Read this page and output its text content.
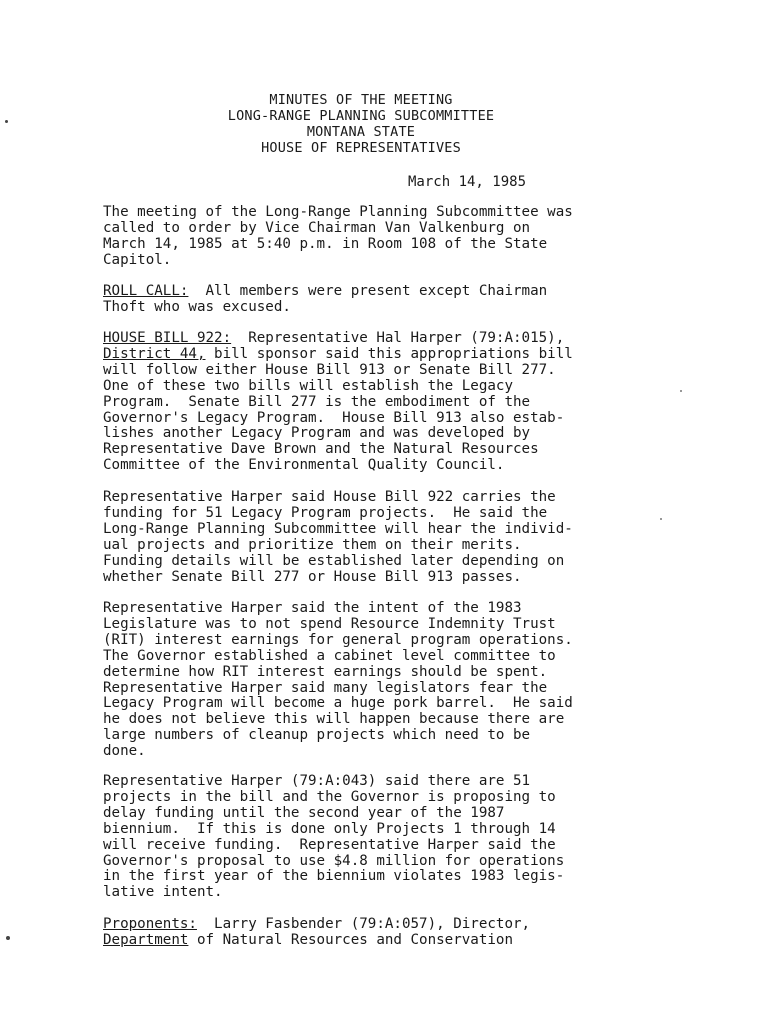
MINUTES OF THE MEETING
LONG-RANGE PLANNING SUBCOMMITTEE
MONTANA STATE
HOUSE OF REPRESENTATIVES
March 14, 1985
The meeting of the Long-Range Planning Subcommittee was
called to order by Vice Chairman Van Valkenburg on
March 14, 1985 at 5:40 p.m. in Room 108 of the State
Capitol.
ROLL CALL:  All members were present except Chairman
Thoft who was excused.
HOUSE BILL 922:  Representative Hal Harper (79:A:015),
District 44, bill sponsor said this appropriations bill
will follow either House Bill 913 or Senate Bill 277.
One of these two bills will establish the Legacy
Program.  Senate Bill 277 is the embodiment of the
Governor's Legacy Program.  House Bill 913 also estab-
lishes another Legacy Program and was developed by
Representative Dave Brown and the Natural Resources
Committee of the Environmental Quality Council.
Representative Harper said House Bill 922 carries the
funding for 51 Legacy Program projects.  He said the
Long-Range Planning Subcommittee will hear the individ-
ual projects and prioritize them on their merits.
Funding details will be established later depending on
whether Senate Bill 277 or House Bill 913 passes.
Representative Harper said the intent of the 1983
Legislature was to not spend Resource Indemnity Trust
(RIT) interest earnings for general program operations.
The Governor established a cabinet level committee to
determine how RIT interest earnings should be spent.
Representative Harper said many legislators fear the
Legacy Program will become a huge pork barrel.  He said
he does not believe this will happen because there are
large numbers of cleanup projects which need to be
done.
Representative Harper (79:A:043) said there are 51
projects in the bill and the Governor is proposing to
delay funding until the second year of the 1987
biennium.  If this is done only Projects 1 through 14
will receive funding.  Representative Harper said the
Governor's proposal to use $4.8 million for operations
in the first year of the biennium violates 1983 legis-
lative intent.
Proponents:  Larry Fasbender (79:A:057), Director,
Department of Natural Resources and Conservation
